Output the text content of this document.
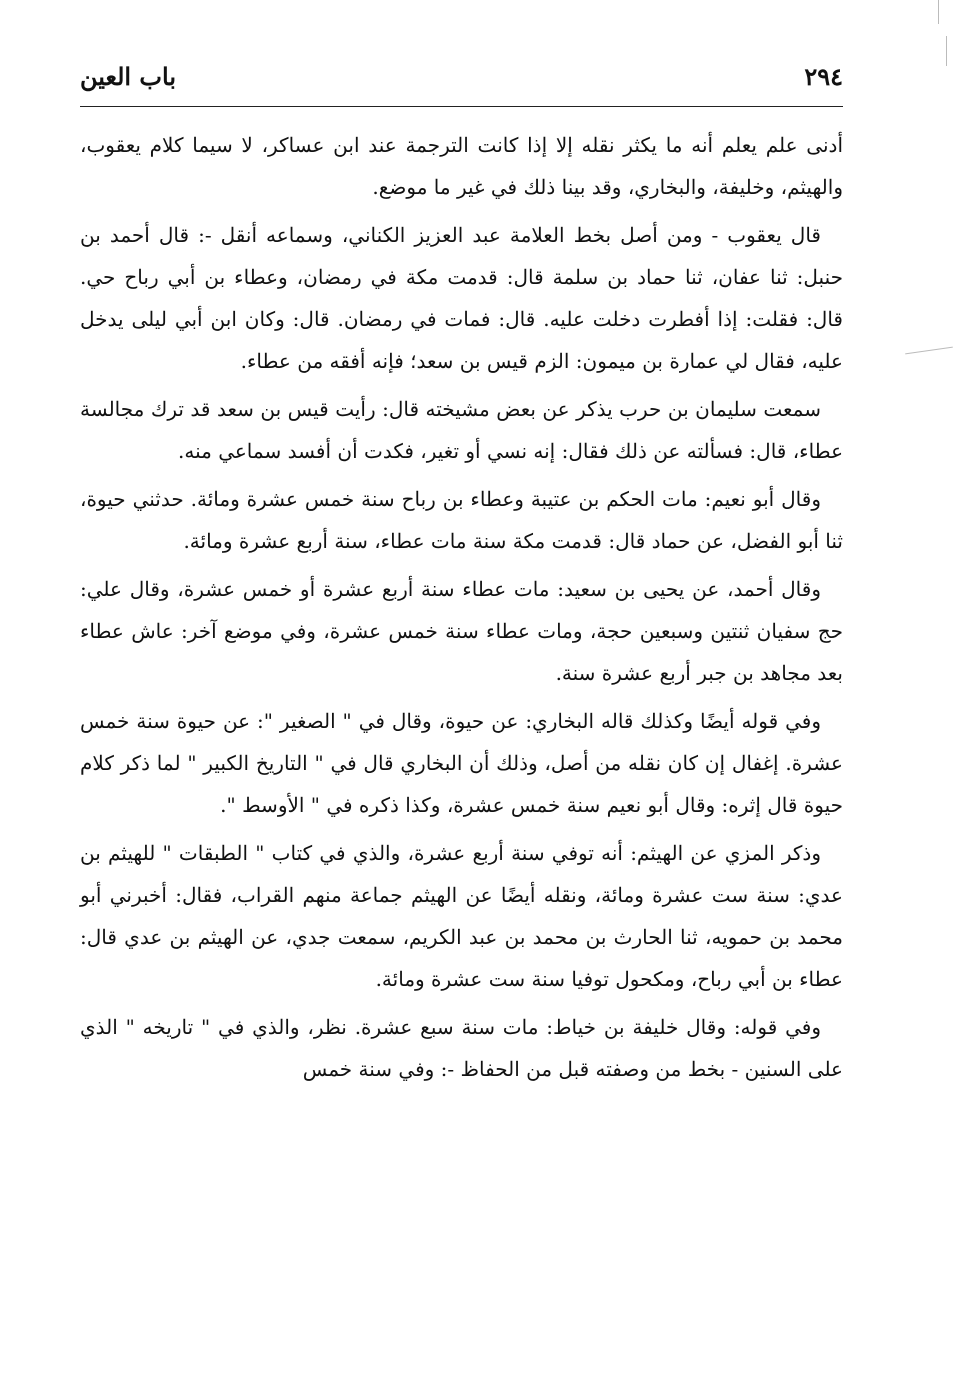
باب العين	٢٩٤

أدنى علم يعلم أنه ما يكثر نقله إلا إذا كانت الترجمة عند ابن عساكر، لا سيما كلام يعقوب، والهيثم، وخليفة، والبخاري، وقد بينا ذلك في غير ما موضع.

قال يعقوب - ومن أصل بخط العلامة عبد العزيز الكناني، وسماعه أنقل -: قال أحمد بن حنبل: ثنا عفان، ثنا حماد بن سلمة قال: قدمت مكة في رمضان، وعطاء بن أبي رباح حي. قال: فقلت: إذا أفطرت دخلت عليه. قال: فمات في رمضان. قال: وكان ابن أبي ليلى يدخل عليه، فقال لي عمارة بن ميمون: الزم قيس بن سعد؛ فإنه أفقه من عطاء.

سمعت سليمان بن حرب يذكر عن بعض مشيخته قال: رأيت قيس بن سعد قد ترك مجالسة عطاء، قال: فسألته عن ذلك فقال: إنه نسي أو تغير، فكدت أن أفسد سماعي منه.

وقال أبو نعيم: مات الحكم بن عتيبة وعطاء بن رباح سنة خمس عشرة ومائة. حدثني حيوة، ثنا أبو الفضل، عن حماد قال: قدمت مكة سنة مات عطاء، سنة أربع عشرة ومائة.

وقال أحمد، عن يحيى بن سعيد: مات عطاء سنة أربع عشرة أو خمس عشرة، وقال علي: حج سفيان ثنتين وسبعين حجة، ومات عطاء سنة خمس عشرة، وفي موضع آخر: عاش عطاء بعد مجاهد بن جبر أربع عشرة سنة.

وفي قوله أيضًا وكذلك قاله البخاري: عن حيوة، وقال في " الصغير ": عن حيوة سنة خمس عشرة. إغفال إن كان نقله من أصل، وذلك أن البخاري قال في " التاريخ الكبير " لما ذكر كلام حيوة قال إثره: وقال أبو نعيم سنة خمس عشرة، وكذا ذكره في " الأوسط ".

وذكر المزي عن الهيثم: أنه توفي سنة أربع عشرة، والذي في كتاب " الطبقات " للهيثم بن عدي: سنة ست عشرة ومائة، ونقله أيضًا عن الهيثم جماعة منهم القراب، فقال: أخبرني أبو محمد بن حمويه، ثنا الحارث بن محمد بن عبد الكريم، سمعت جدي، عن الهيثم بن عدي قال: عطاء بن أبي رباح، ومكحول توفيا سنة ست عشرة ومائة.

وفي قوله: وقال خليفة بن خياط: مات سنة سبع عشرة. نظر، والذي في " تاريخه " الذي على السنين - بخط من وصفته قبل من الحفاظ -: وفي سنة خمس
